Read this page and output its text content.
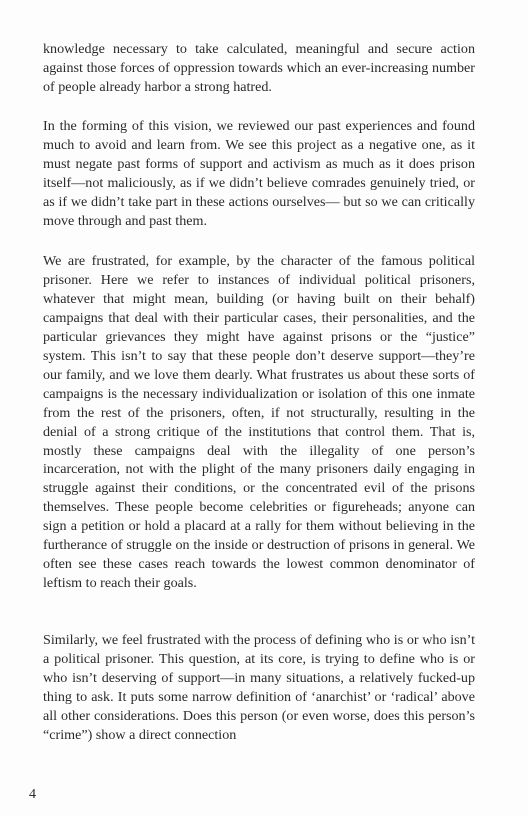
knowledge necessary to take calculated, meaningful and secure action against those forces of oppression towards which an ever-increasing number of people already harbor a strong hatred.

In the forming of this vision, we reviewed our past experiences and found much to avoid and learn from. We see this project as a negative one, as it must negate past forms of support and activism as much as it does prison itself—not maliciously, as if we didn’t believe comrades genuinely tried, or as if we didn’t take part in these actions ourselves— but so we can critically move through and past them.

We are frustrated, for example, by the character of the famous political prisoner. Here we refer to instances of individual political prisoners, whatever that might mean, building (or having built on their behalf) campaigns that deal with their particular cases, their personalities, and the particular grievances they might have against prisons or the “justice” system. This isn’t to say that these people don’t deserve support—they’re our family, and we love them dearly. What frustrates us about these sorts of campaigns is the necessary individualization or isolation of this one inmate from the rest of the prisoners, often, if not structurally, resulting in the denial of a strong critique of the institutions that control them. That is, mostly these campaigns deal with the illegality of one person’s incarceration, not with the plight of the many prisoners daily engaging in struggle against their conditions, or the concentrated evil of the prisons themselves. These people become celebrities or figureheads; anyone can sign a petition or hold a placard at a rally for them without believing in the furtherance of struggle on the inside or destruction of prisons in general. We often see these cases reach towards the lowest common denominator of leftism to reach their goals.

Similarly, we feel frustrated with the process of defining who is or who isn’t a political prisoner. This question, at its core, is trying to define who is or who isn’t deserving of support—in many situations, a relatively fucked-up thing to ask. It puts some narrow definition of ‘anarchist’ or ‘radical’ above all other considerations. Does this person (or even worse, does this person’s “crime”) show a direct connection

4
